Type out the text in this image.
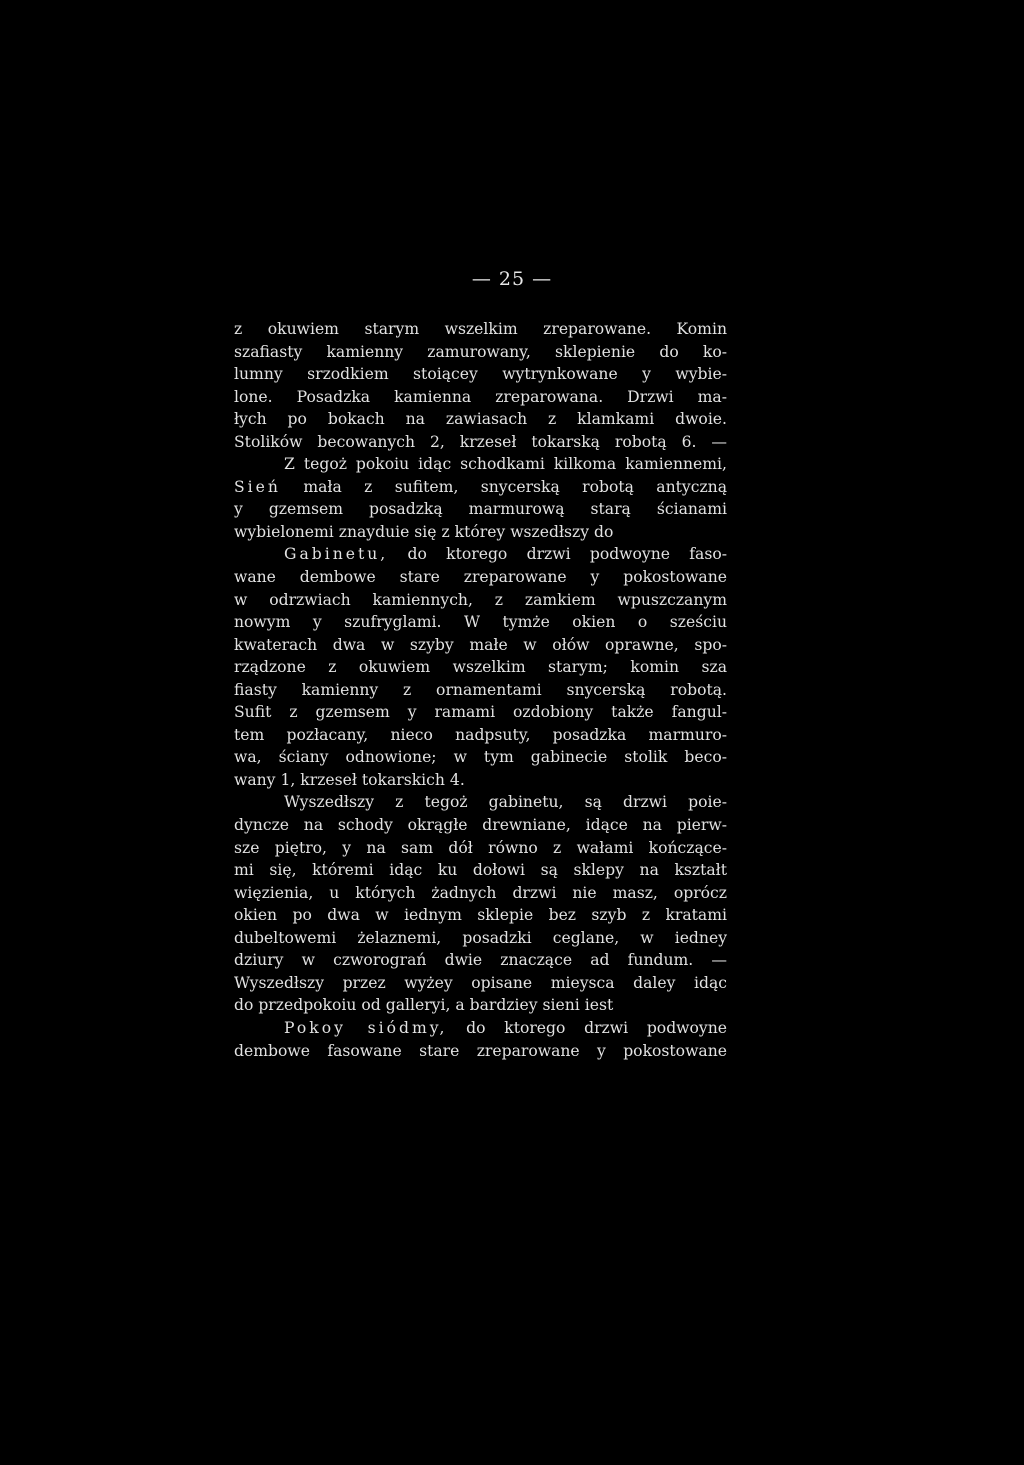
— 25 —
z okuwiem starym wszelkim zreparowane. Komin
szafiasty kamienny zamurowany, sklepienie do ko-
lumny srzodkiem stoiącey wytrynkowane y wybie-
lone. Posadzka kamienna zreparowana. Drzwi ma-
łych po bokach na zawiasach z klamkami dwoie.
Stolików becowanych 2, krzeseł tokarską robotą 6. —
Z tegoż pokoiu idąc schodkami kilkoma kamiennemi,
Sień mała z sufitem, snycerską robotą antyczną
y gzemsem posadzką marmurową starą ścianami
wybielonemi znayduie się z którey wszedłszy do
Gabinetu, do ktorego drzwi podwoyne faso-
wane dembowe stare zreparowane y pokostowane
w odrzwiach kamiennych, z zamkiem wpuszczanym
nowym y szufryglami. W tymże okien o sześciu
kwaterach dwa w szyby małe w ołów oprawne, spo-
rządzone z okuwiem wszelkim starym; komin sza
fiasty kamienny z ornamentami snycerską robotą.
Sufit z gzemsem y ramami ozdobiony także fangul-
tem pozłacany, nieco nadpsuty, posadzka marmuro-
wa, ściany odnowione; w tym gabinecie stolik beco-
wany 1, krzeseł tokarskich 4.
Wyszedłszy z tegoż gabinetu, są drzwi poie-
dyncze na schody okrągłe drewniane, idące na pierw-
sze piętro, y na sam dół równo z wałami kończące-
mi się, któremi idąc ku dołowi są sklepy na kształt
więzienia, u których żadnych drzwi nie masz, oprócz
okien po dwa w iednym sklepie bez szyb z kratami
dubeltowemi żelaznemi, posadzki ceglane, w iedney
dziury w czworograń dwie znaczące ad fundum. —
Wyszedłszy przez wyżey opisane mieysca daley idąc
do przedpokoiu od galleryi, a bardziey sieni iest
Pokoy siódmy, do ktorego drzwi podwoyne
dembowe fasowane stare zreparowane y pokostowane
